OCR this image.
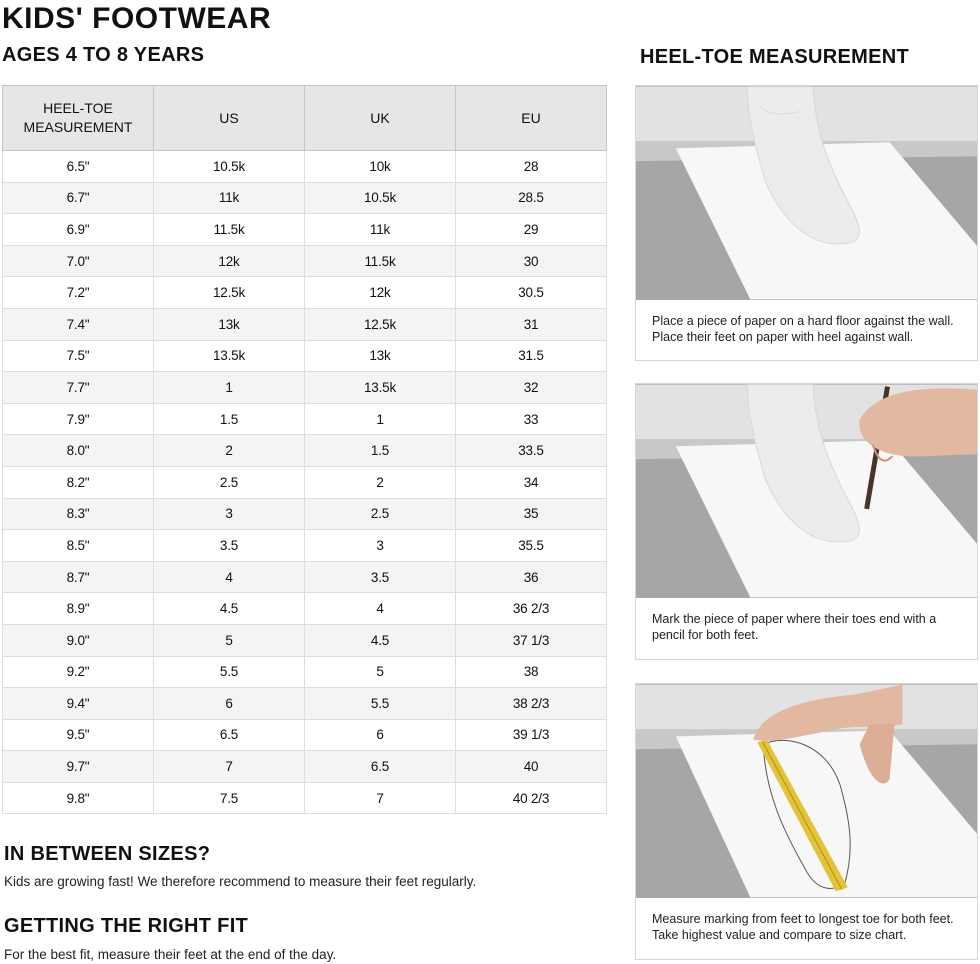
KIDS' FOOTWEAR
AGES 4 TO 8 YEARS	HEEL-TOE MEASUREMENT
HEEL-TOE MEASUREMENT	US	UK	EU
6.5"	10.5k	10k	28
6.7"	11k	10.5k	28.5
6.9"	11.5k	11k	29
7.0"	12k	11.5k	30
7.2"	12.5k	12k	30.5
7.4"	13k	12.5k	31
7.5"	13.5k	13k	31.5
7.7"	1	13.5k	32
7.9"	1.5	1	33
8.0"	2	1.5	33.5
8.2"	2.5	2	34
8.3"	3	2.5	35
8.5"	3.5	3	35.5
8.7"	4	3.5	36
8.9"	4.5	4	36 2/3
9.0"	5	4.5	37 1/3
9.2"	5.5	5	38
9.4"	6	5.5	38 2/3
9.5"	6.5	6	39 1/3
9.7"	7	6.5	40
9.8"	7.5	7	40 2/3
IN BETWEEN SIZES?
Kids are growing fast! We therefore recommend to measure their feet regularly.
GETTING THE RIGHT FIT
For the best fit, measure their feet at the end of the day.
Place a piece of paper on a hard floor against the wall. Place their feet on paper with heel against wall.
Mark the piece of paper where their toes end with a pencil for both feet.
Measure marking from feet to longest toe for both feet. Take highest value and compare to size chart.
